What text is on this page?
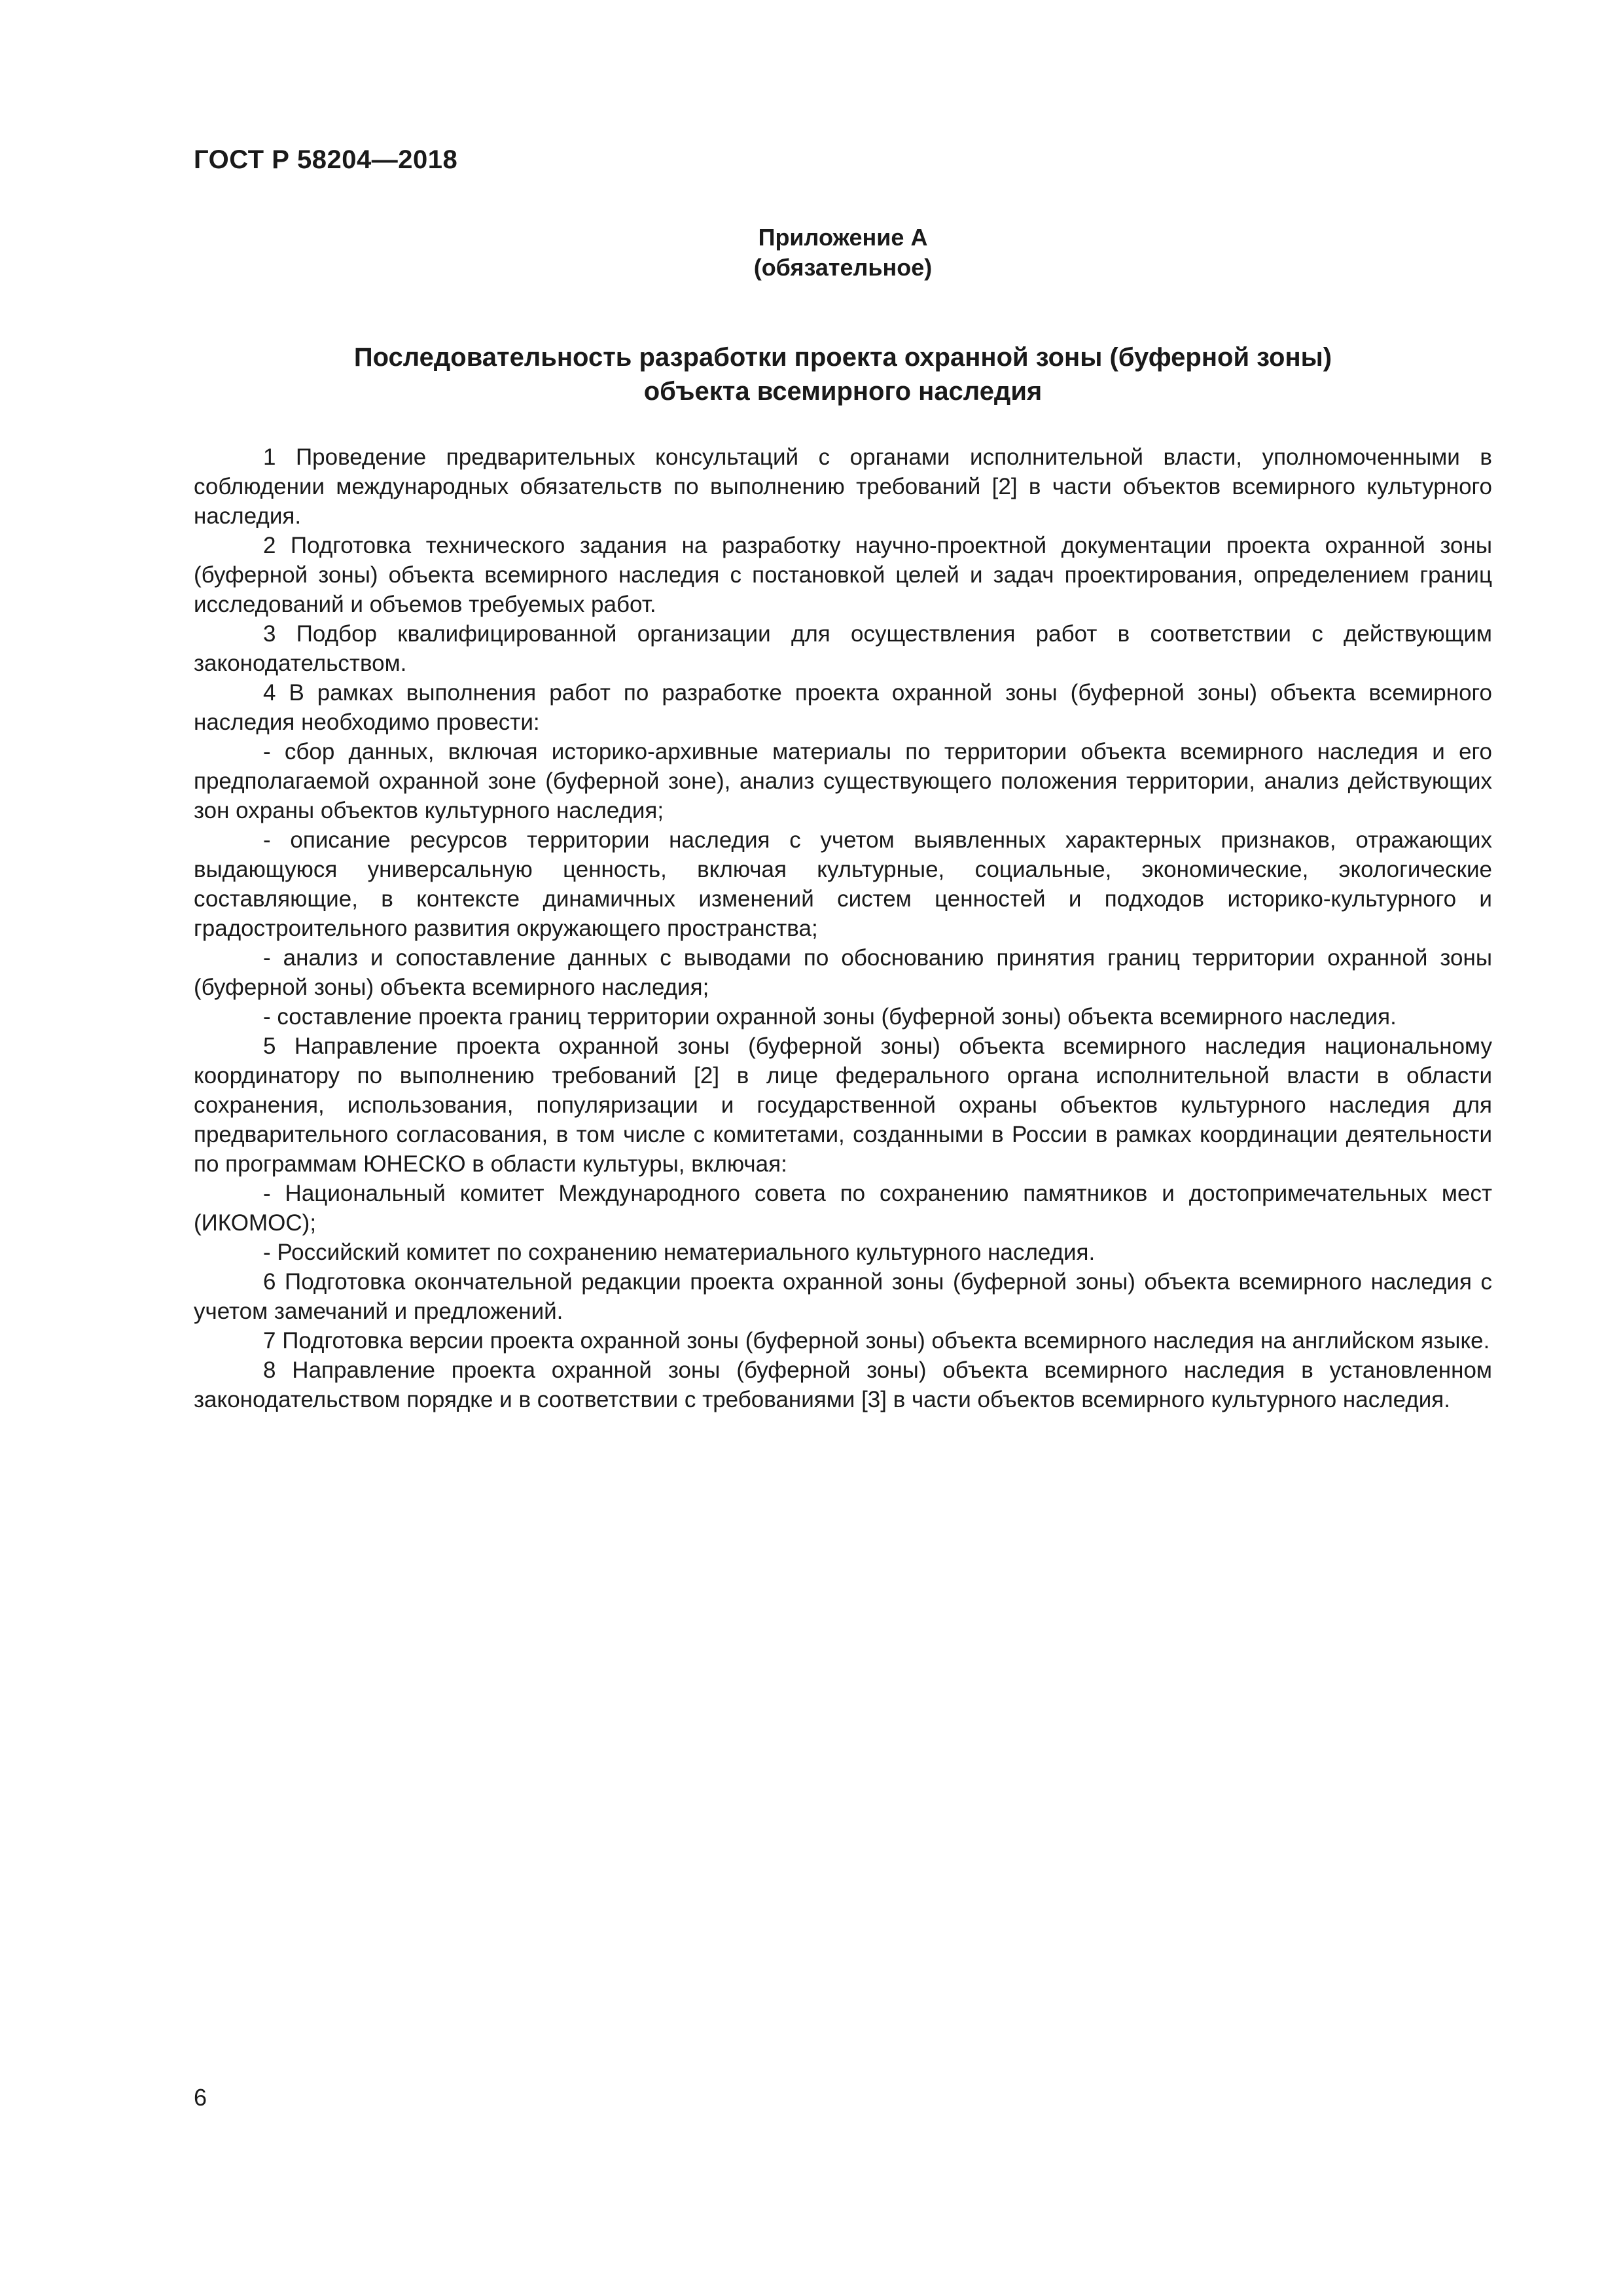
ГОСТ Р 58204—2018
Приложение А
(обязательное)
Последовательность разработки проекта охранной зоны (буферной зоны)
объекта всемирного наследия

1 Проведение предварительных консультаций с органами исполнительной власти, уполномоченными в соблюдении международных обязательств по выполнению требований [2] в части объектов всемирного культурного наследия.

2 Подготовка технического задания на разработку научно-проектной документации проекта охранной зоны (буферной зоны) объекта всемирного наследия с постановкой целей и задач проектирования, определением границ исследований и объемов требуемых работ.

3 Подбор квалифицированной организации для осуществления работ в соответствии с действующим законодательством.

4 В рамках выполнения работ по разработке проекта охранной зоны (буферной зоны) объекта всемирного наследия необходимо провести:

- сбор данных, включая историко-архивные материалы по территории объекта всемирного наследия и его предполагаемой охранной зоне (буферной зоне), анализ существующего положения территории, анализ действующих зон охраны объектов культурного наследия;

- описание ресурсов территории наследия с учетом выявленных характерных признаков, отражающих выдающуюся универсальную ценность, включая культурные, социальные, экономические, экологические составляющие, в контексте динамичных изменений систем ценностей и подходов историко-культурного и градостроительного развития окружающего пространства;

- анализ и сопоставление данных с выводами по обоснованию принятия границ территории охранной зоны (буферной зоны) объекта всемирного наследия;

- составление проекта границ территории охранной зоны (буферной зоны) объекта всемирного наследия.

5 Направление проекта охранной зоны (буферной зоны) объекта всемирного наследия национальному координатору по выполнению требований [2] в лице федерального органа исполнительной власти в области сохранения, использования, популяризации и государственной охраны объектов культурного наследия для предварительного согласования, в том числе с комитетами, созданными в России в рамках координации деятельности по программам ЮНЕСКО в области культуры, включая:

- Национальный комитет Международного совета по сохранению памятников и достопримечательных мест (ИКОМОС);

- Российский комитет по сохранению нематериального культурного наследия.

6 Подготовка окончательной редакции проекта охранной зоны (буферной зоны) объекта всемирного наследия с учетом замечаний и предложений.

7 Подготовка версии проекта охранной зоны (буферной зоны) объекта всемирного наследия на английском языке.

8 Направление проекта охранной зоны (буферной зоны) объекта всемирного наследия в установленном законодательством порядке и в соответствии с требованиями [3] в части объектов всемирного культурного наследия.

6
